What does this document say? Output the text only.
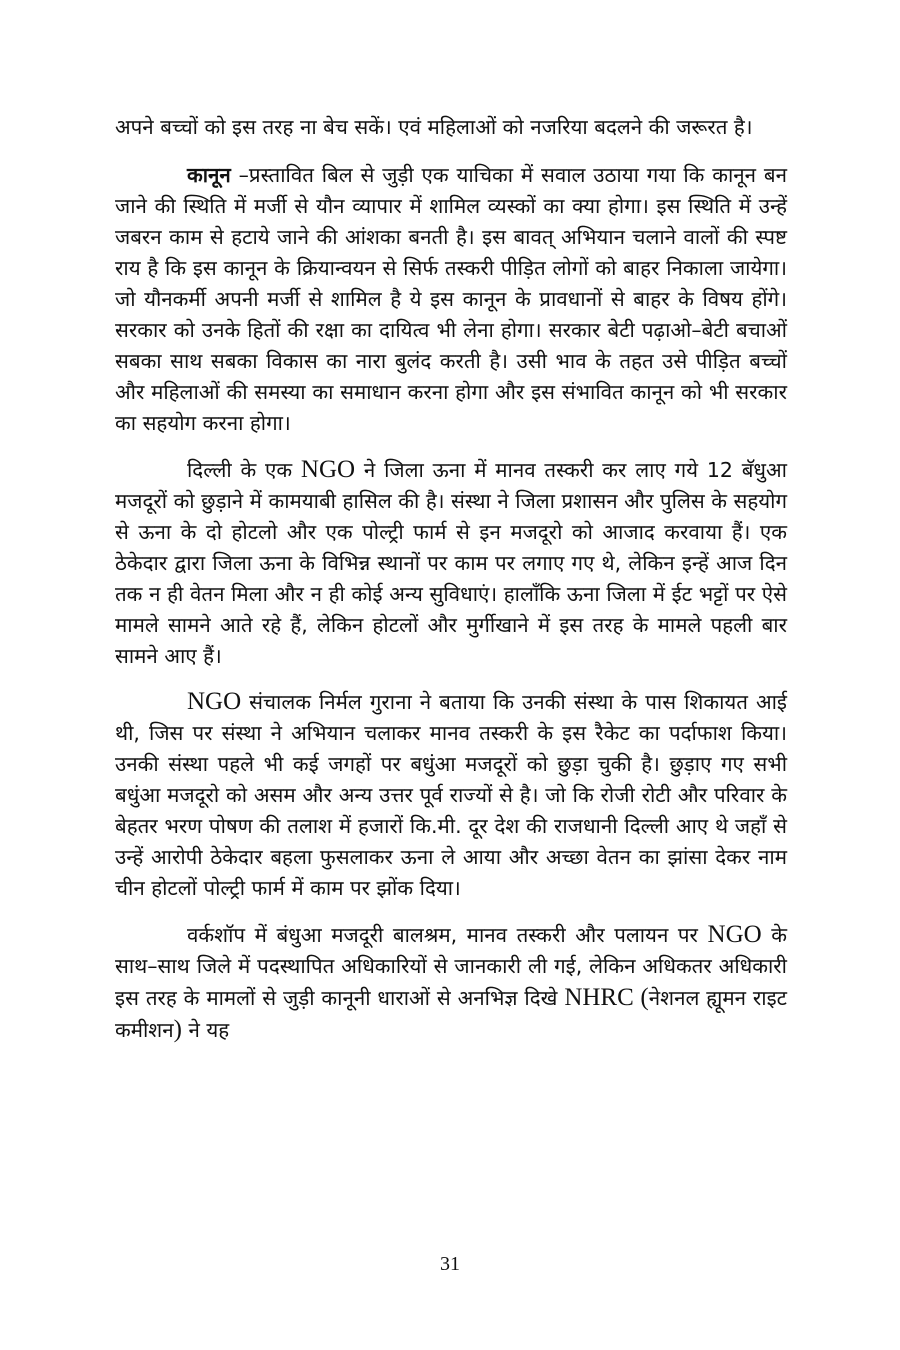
अपने बच्चों को इस तरह ना बेच सकें। एवं महिलाओं को नजरिया बदलने की जरूरत है।

कानून –प्रस्तावित बिल से जुड़ी एक याचिका में सवाल उठाया गया कि कानून बन जाने की स्थिति में मर्जी से यौन व्यापार में शामिल व्यस्कों का क्या होगा। इस स्थिति में उन्हें जबरन काम से हटाये जाने की आंशका बनती है। इस बावत् अभियान चलाने वालों की स्पष्ट राय है कि इस कानून के क्रियान्वयन से सिर्फ तस्करी पीड़ित लोगों को बाहर निकाला जायेगा। जो यौनकर्मी अपनी मर्जी से शामिल है ये इस कानून के प्रावधानों से बाहर के विषय होंगे। सरकार को उनके हितों की रक्षा का दायित्व भी लेना होगा। सरकार बेटी पढ़ाओ–बेटी बचाओं सबका साथ सबका विकास का नारा बुलंद करती है। उसी भाव के तहत उसे पीड़ित बच्चों और महिलाओं की समस्या का समाधान करना होगा और इस संभावित कानून को भी सरकार का सहयोग करना होगा।

दिल्ली के एक NGO ने जिला ऊना में मानव तस्करी कर लाए गये 12 बॅधुआ मजदूरों को छुड़ाने में कामयाबी हासिल की है। संस्था ने जिला प्रशासन और पुलिस के सहयोग से ऊना के दो होटलो और एक पोल्ट्री फार्म से इन मजदूरो को आजाद करवाया हैं। एक ठेकेदार द्वारा जिला ऊना के विभिन्न स्थानों पर काम पर लगाए गए थे, लेकिन इन्हें आज दिन तक न ही वेतन मिला और न ही कोई अन्य सुविधाएं। हालाँकि ऊना जिला में ईट भट्टों पर ऐसे मामले सामने आते रहे हैं, लेकिन होटलों और मुर्गीखाने में इस तरह के मामले पहली बार सामने आए हैं।

NGO संचालक निर्मल गुराना ने बताया कि उनकी संस्था के पास शिकायत आई थी, जिस पर संस्था ने अभियान चलाकर मानव तस्करी के इस रैकेट का पर्दाफाश किया। उनकी संस्था पहले भी कई जगहों पर बधुंआ मजदूरों को छुड़ा चुकी है। छुड़ाए गए सभी बधुंआ मजदूरो को असम और अन्य उत्तर पूर्व राज्यों से है। जो कि रोजी रोटी और परिवार के बेहतर भरण पोषण की तलाश में हजारों कि.मी. दूर देश की राजधानी दिल्ली आए थे जहाँ से उन्हें आरोपी ठेकेदार बहला फुसलाकर ऊना ले आया और अच्छा वेतन का झांसा देकर नाम चीन होटलों पोल्ट्री फार्म में काम पर झोंक दिया।

वर्कशॉप में बंधुआ मजदूरी बालश्रम, मानव तस्करी और पलायन पर NGO के साथ–साथ जिले में पदस्थापित अधिकारियों से जानकारी ली गई, लेकिन अधिकतर अधिकारी इस तरह के मामलों से जुड़ी कानूनी धाराओं से अनभिज्ञ दिखे NHRC (नेशनल ह्यूमन राइट कमीशन) ने यह

31
